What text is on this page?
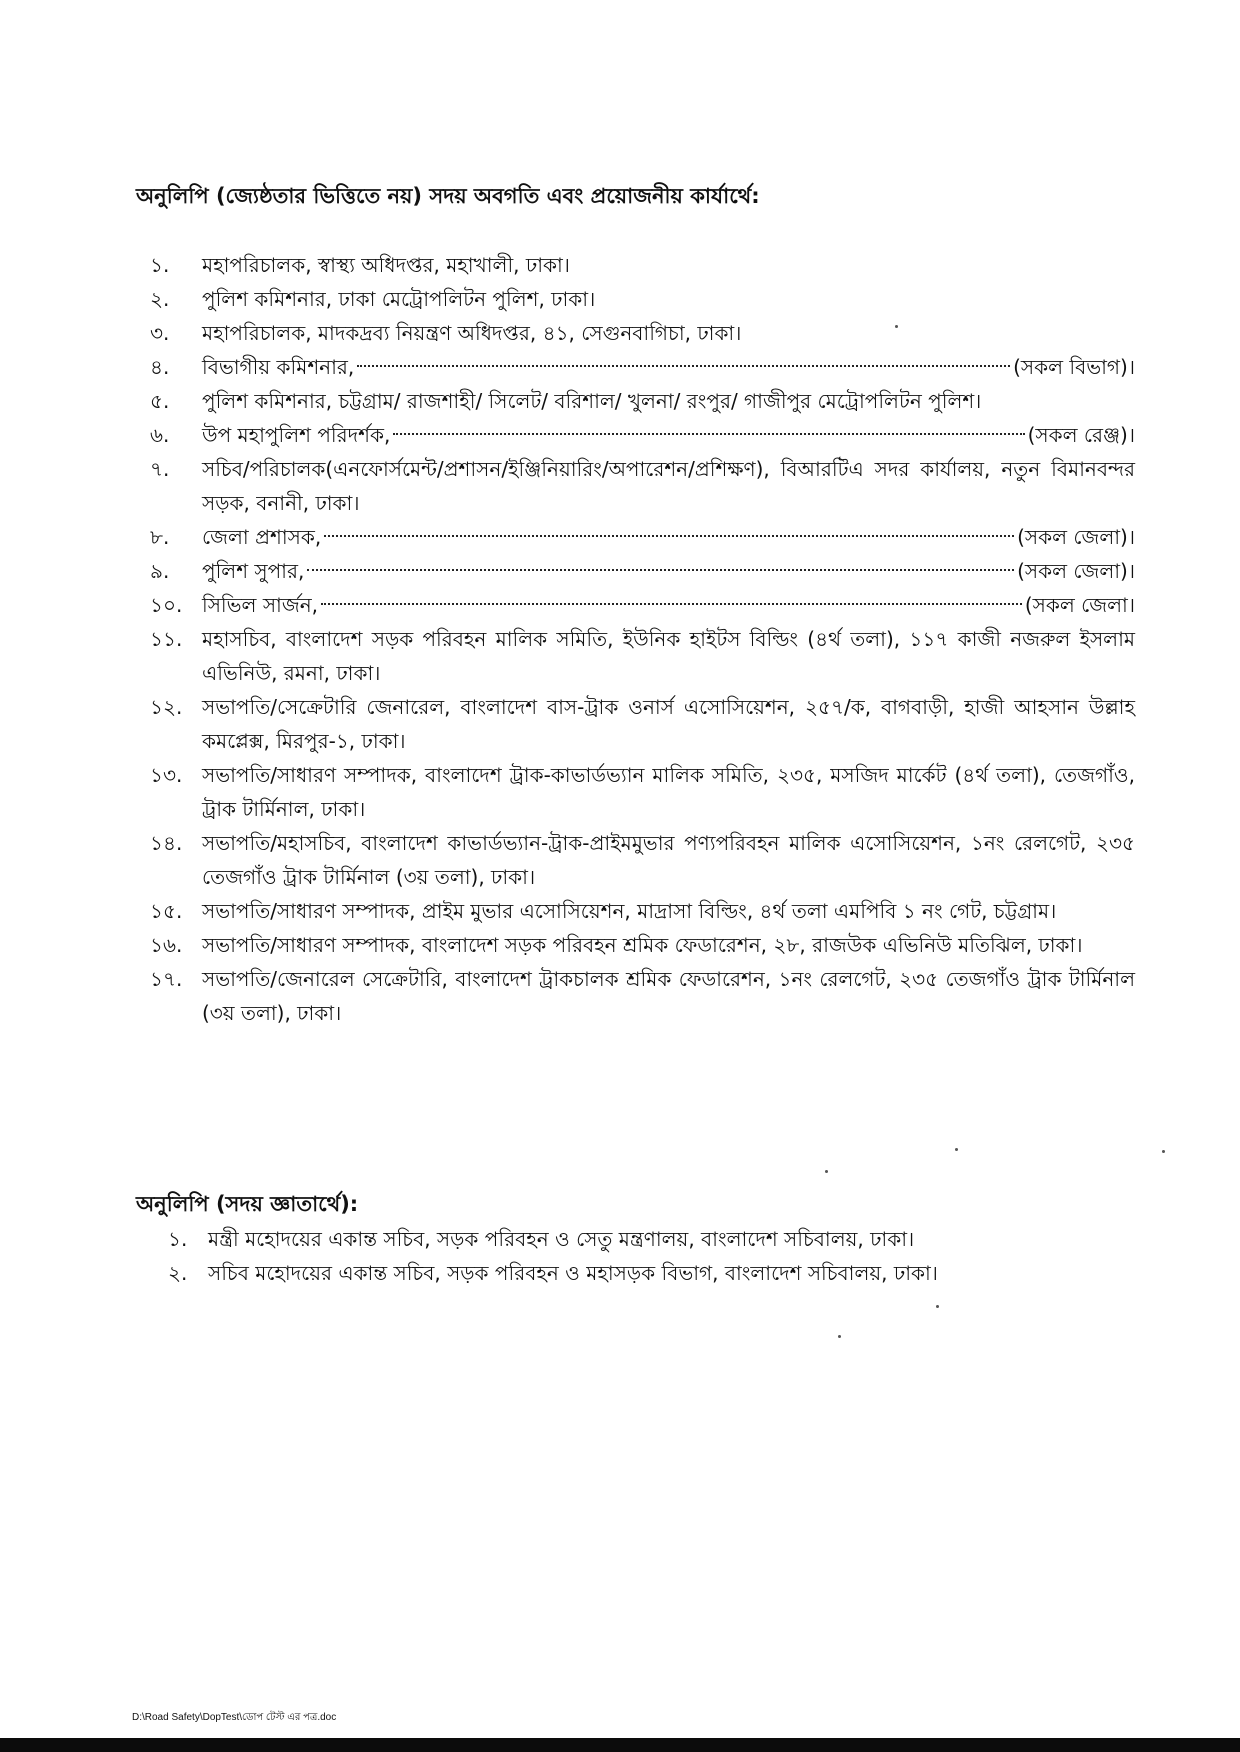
অনুলিপি (জ্যেষ্ঠতার ভিত্তিতে নয়) সদয় অবগতি এবং প্রয়োজনীয় কার্যার্থে:
১.	মহাপরিচালক, স্বাস্থ্য অধিদপ্তর, মহাখালী, ঢাকা।
২.	পুলিশ কমিশনার, ঢাকা মেট্রোপলিটন পুলিশ, ঢাকা।
৩.	মহাপরিচালক, মাদকদ্রব্য নিয়ন্ত্রণ অধিদপ্তর, ৪১, সেগুনবাগিচা, ঢাকা।
৪.	বিভাগীয় কমিশনার,	(সকল বিভাগ)।
৫.	পুলিশ কমিশনার, চট্টগ্রাম/ রাজশাহী/ সিলেট/ বরিশাল/ খুলনা/ রংপুর/ গাজীপুর মেট্রোপলিটন পুলিশ।
৬.	উপ মহাপুলিশ পরিদর্শক,	(সকল রেঞ্জ)।
৭.	সচিব/পরিচালক(এনফোর্সমেন্ট/প্রশাসন/ইঞ্জিনিয়ারিং/অপারেশন/প্রশিক্ষণ), বিআরটিএ সদর কার্যালয়, নতুন বিমানবন্দর সড়ক, বনানী, ঢাকা।
৮.	জেলা প্রশাসক,	(সকল জেলা)।
৯.	পুলিশ সুপার,	(সকল জেলা)।
১০. সিভিল সার্জন,	(সকল জেলা।
১১. মহাসচিব, বাংলাদেশ সড়ক পরিবহন মালিক সমিতি, ইউনিক হাইটস বিল্ডিং (৪র্থ তলা), ১১৭ কাজী নজরুল ইসলাম এভিনিউ, রমনা, ঢাকা।
১২. সভাপতি/সেক্রেটারি জেনারেল, বাংলাদেশ বাস-ট্রাক ওনার্স এসোসিয়েশন, ২৫৭/ক, বাগবাড়ী, হাজী আহসান উল্লাহ কমপ্লেক্স, মিরপুর-১, ঢাকা।
১৩. সভাপতি/সাধারণ সম্পাদক, বাংলাদেশ ট্রাক-কাভার্ডভ্যান মালিক সমিতি, ২৩৫, মসজিদ মার্কেট (৪র্থ তলা), তেজগাঁও, ট্রাক টার্মিনাল, ঢাকা।
১৪. সভাপতি/মহাসচিব, বাংলাদেশ কাভার্ডভ্যান-ট্রাক-প্রাইমমুভার পণ্যপরিবহন মালিক এসোসিয়েশন, ১নং রেলগেট, ২৩৫ তেজগাঁও ট্রাক টার্মিনাল (৩য় তলা), ঢাকা।
১৫. সভাপতি/সাধারণ সম্পাদক, প্রাইম মুভার এসোসিয়েশন, মাদ্রাসা বিল্ডিং, ৪র্থ তলা এমপিবি ১ নং গেট, চট্টগ্রাম।
১৬. সভাপতি/সাধারণ সম্পাদক, বাংলাদেশ সড়ক পরিবহন শ্রমিক ফেডারেশন, ২৮, রাজউক এভিনিউ মতিঝিল, ঢাকা।
১৭. সভাপতি/জেনারেল সেক্রেটারি, বাংলাদেশ ট্রাকচালক শ্রমিক ফেডারেশন, ১নং রেলগেট, ২৩৫ তেজগাঁও ট্রাক টার্মিনাল (৩য় তলা), ঢাকা।
অনুলিপি (সদয় জ্ঞাতার্থে):
১.	মন্ত্রী মহোদয়ের একান্ত সচিব, সড়ক পরিবহন ও সেতু মন্ত্রণালয়, বাংলাদেশ সচিবালয়, ঢাকা।
২.	সচিব মহোদয়ের একান্ত সচিব, সড়ক পরিবহন ও মহাসড়ক বিভাগ, বাংলাদেশ সচিবালয়, ঢাকা।
D:\Road Safety\DopTest\ডোপ টেস্ট এর পত্র.doc
